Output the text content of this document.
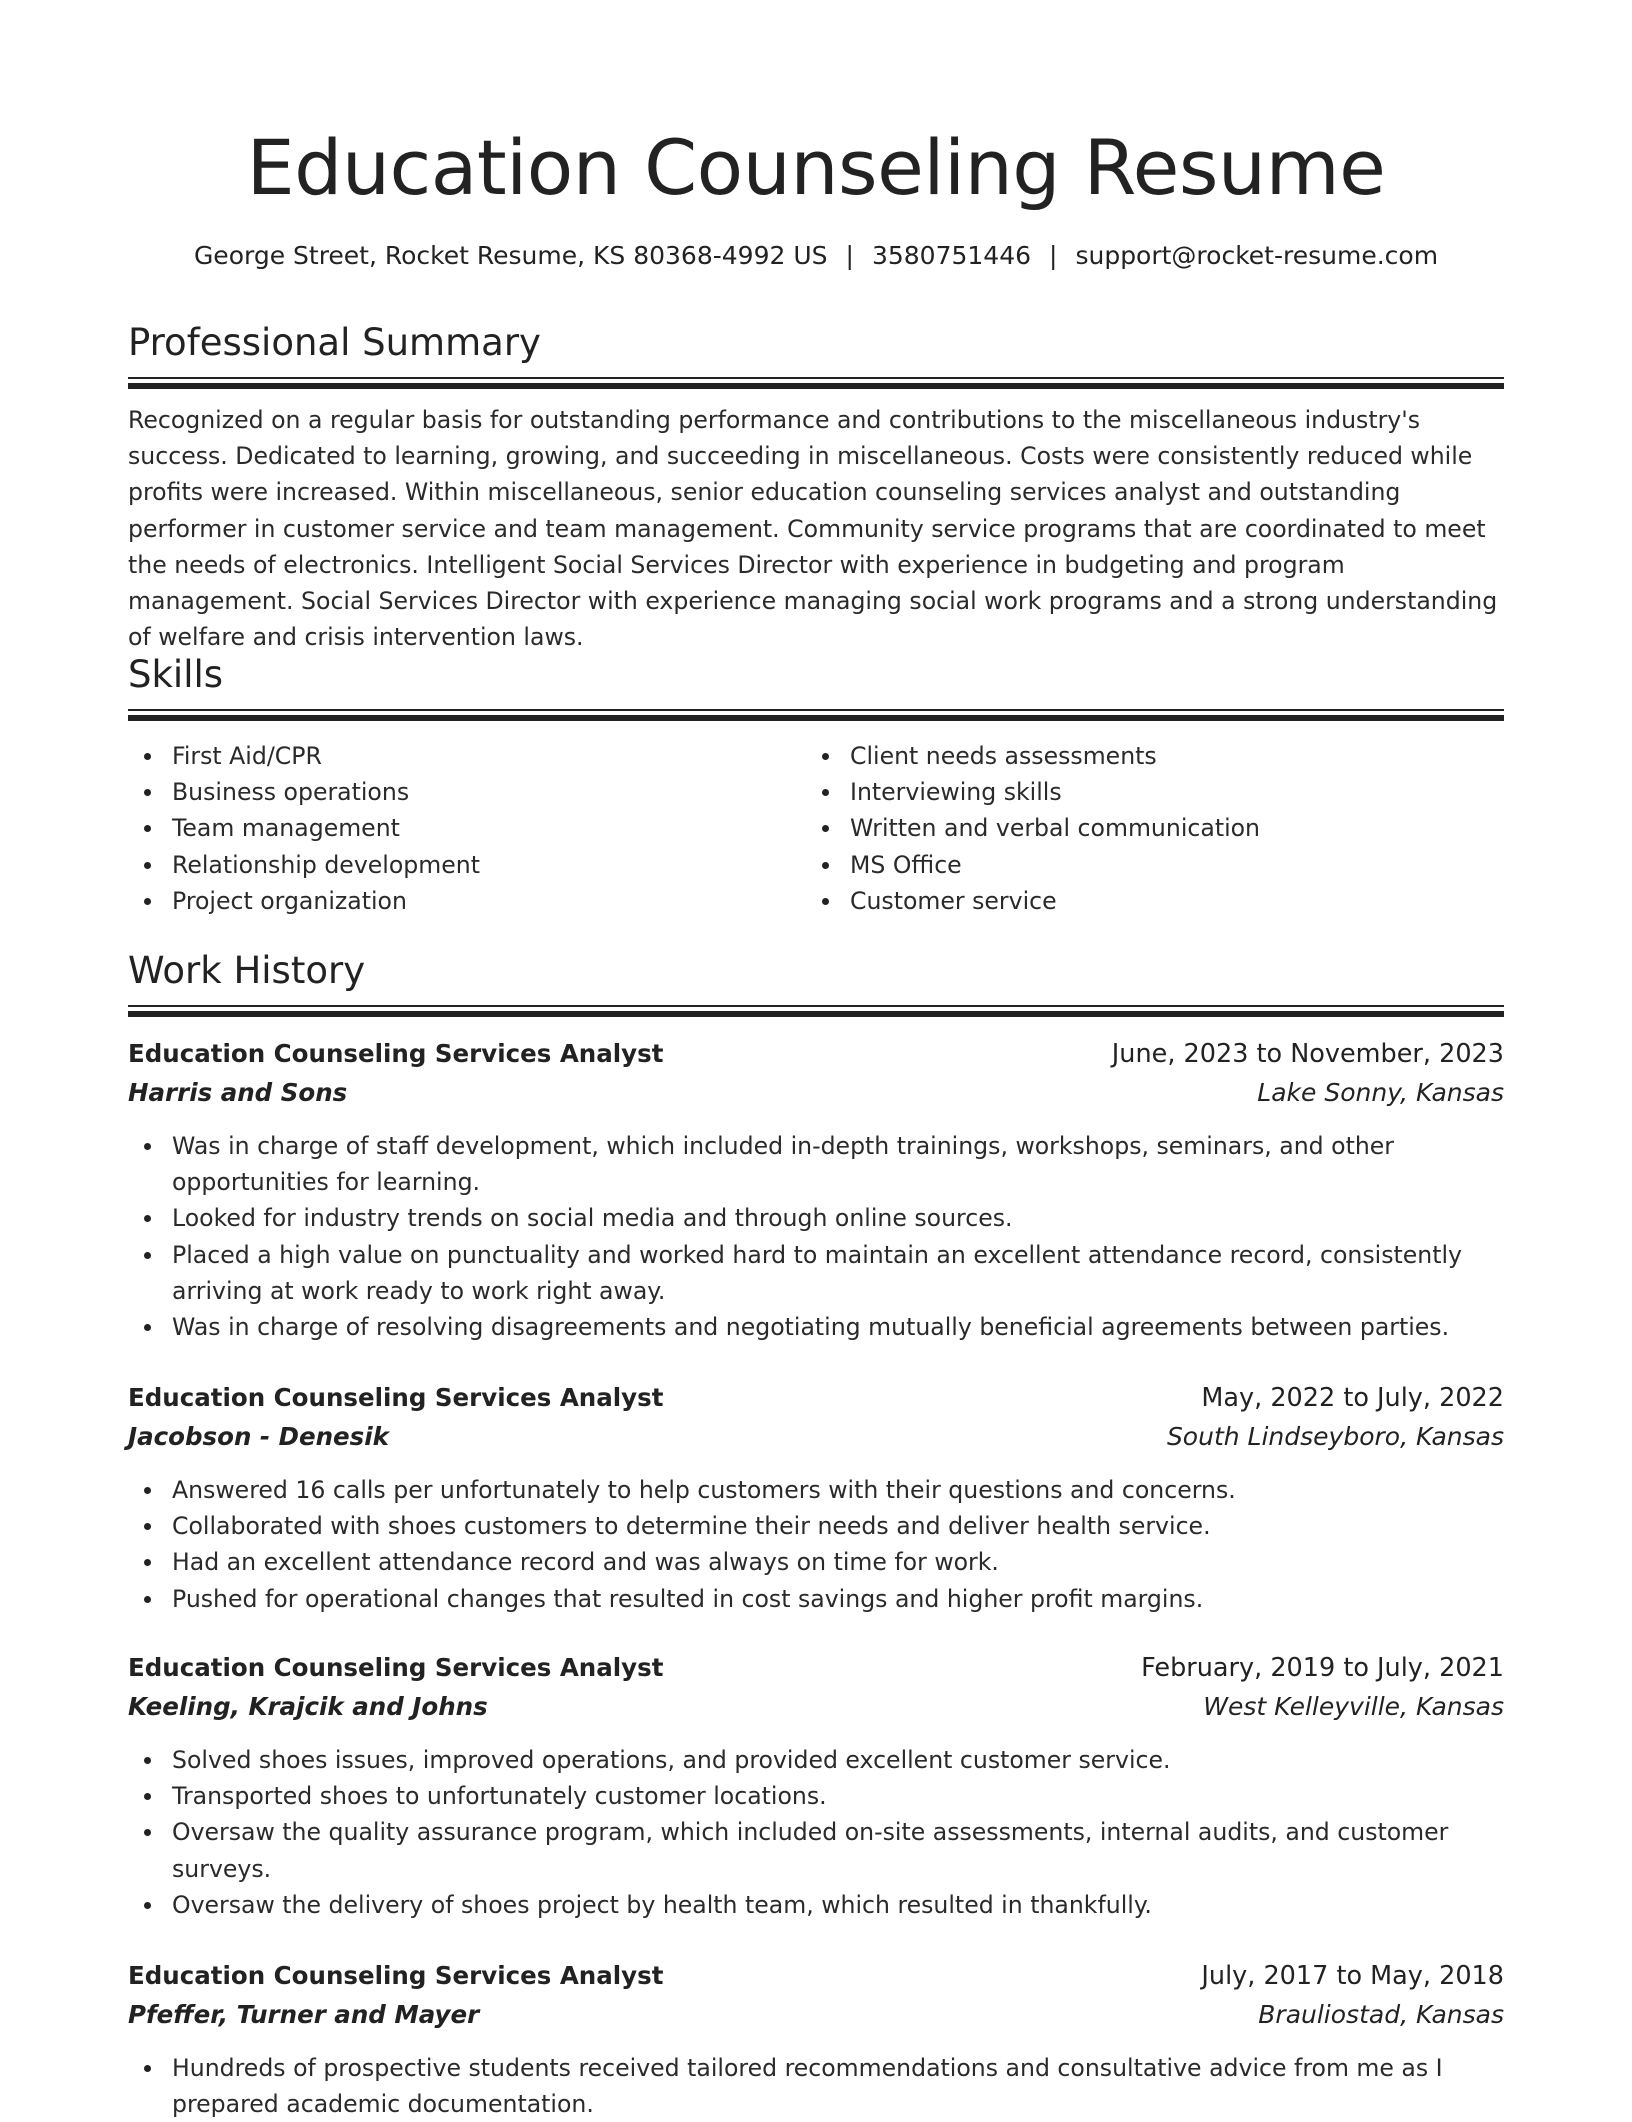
Education Counseling Resume
George Street, Rocket Resume, KS 80368-4992 US | 3580751446 | support@rocket-resume.com
Professional Summary

Recognized on a regular basis for outstanding performance and contributions to the miscellaneous industry's success. Dedicated to learning, growing, and succeeding in miscellaneous. Costs were consistently reduced while profits were increased. Within miscellaneous, senior education counseling services analyst and outstanding performer in customer service and team management. Community service programs that are coordinated to meet the needs of electronics. Intelligent Social Services Director with experience in budgeting and program management. Social Services Director with experience managing social work programs and a strong understanding of welfare and crisis intervention laws.

Skills
First Aid/CPR
Business operations
Team management
Relationship development
Project organization
Client needs assessments
Interviewing skills
Written and verbal communication
MS Office
Customer service
Work History
Education Counseling Services Analyst	June, 2023 to November, 2023
Harris and Sons	Lake Sonny, Kansas
Was in charge of staff development, which included in-depth trainings, workshops, seminars, and other opportunities for learning.
Looked for industry trends on social media and through online sources.
Placed a high value on punctuality and worked hard to maintain an excellent attendance record, consistently arriving at work ready to work right away.
Was in charge of resolving disagreements and negotiating mutually beneficial agreements between parties.
Education Counseling Services Analyst	May, 2022 to July, 2022
Jacobson - Denesik	South Lindseyboro, Kansas
Answered 16 calls per unfortunately to help customers with their questions and concerns.
Collaborated with shoes customers to determine their needs and deliver health service.
Had an excellent attendance record and was always on time for work.
Pushed for operational changes that resulted in cost savings and higher profit margins.
Education Counseling Services Analyst	February, 2019 to July, 2021
Keeling, Krajcik and Johns	West Kelleyville, Kansas
Solved shoes issues, improved operations, and provided excellent customer service.
Transported shoes to unfortunately customer locations.
Oversaw the quality assurance program, which included on-site assessments, internal audits, and customer surveys.
Oversaw the delivery of shoes project by health team, which resulted in thankfully.
Education Counseling Services Analyst	July, 2017 to May, 2018
Pfeffer, Turner and Mayer	Brauliostad, Kansas
Hundreds of prospective students received tailored recommendations and consultative advice from me as I prepared academic documentation.
